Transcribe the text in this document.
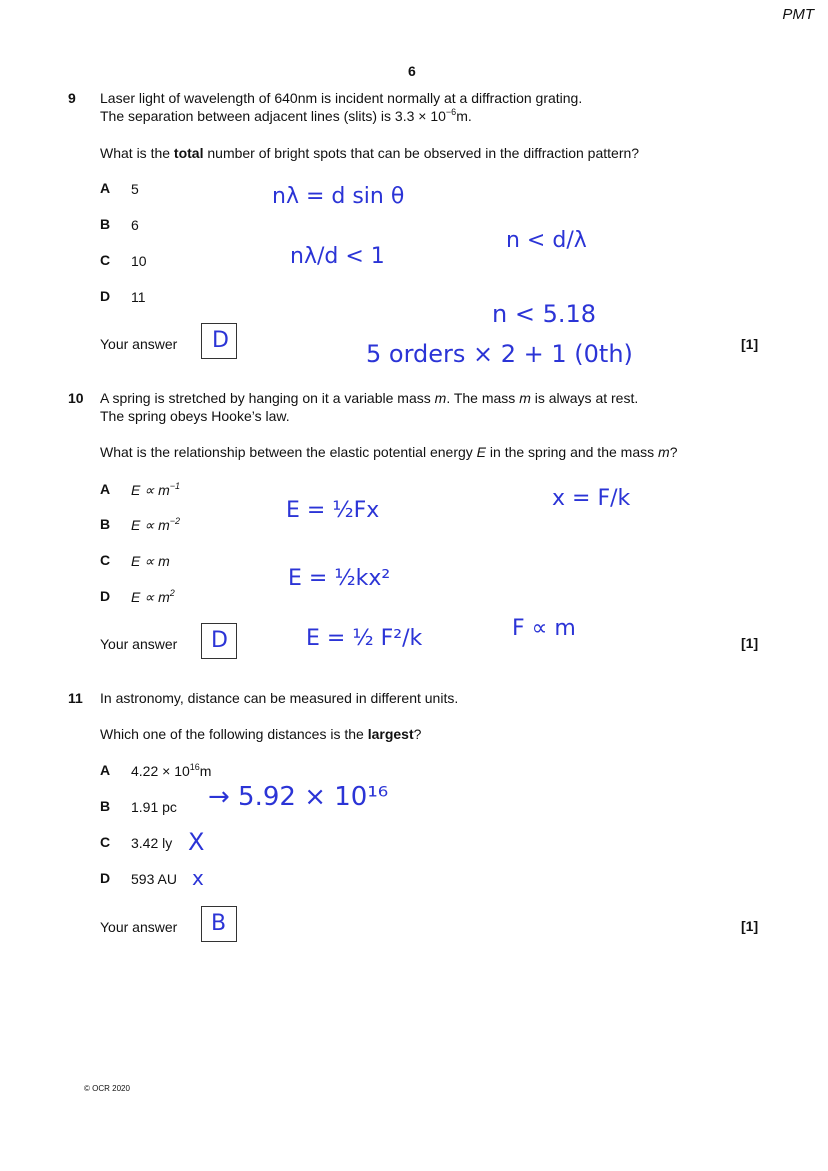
PMT
6
9 Laser light of wavelength of 640nm is incident normally at a diffraction grating.
The separation between adjacent lines (slits) is $3.3 \times 10^{-6}m$.
What is the total number of bright spots that can be observed in the diffraction pattern?
A 5
B 6
C 10
D 11
Your answer D	[1]
nλ = d sin θ
nλ/d < 1
n < d/λ
n < 5.18
5 orders × 2 + 1 (0th)
10 A spring is stretched by hanging on it a variable mass m. The mass m is always at rest.
The spring obeys Hooke’s law.
What is the relationship between the elastic potential energy E in the spring and the mass m?
A $E \propto m^{-1}$
B $E \propto m^{-2}$
C E ∝ m
D $E \propto m^2$
Your answer D	[1]
E = ½Fx	x = F/k
E = ½kx²
E = ½ F²/k	F ∝ m
11 In astronomy, distance can be measured in different units.
Which one of the following distances is the largest?
A $4.22 \times 10^{16}m$
B 1.91 pc
C 3.42 ly
D 593 AU
Your answer B	[1]
→ 5.92 × 10¹⁶
X
x
© OCR 2020
